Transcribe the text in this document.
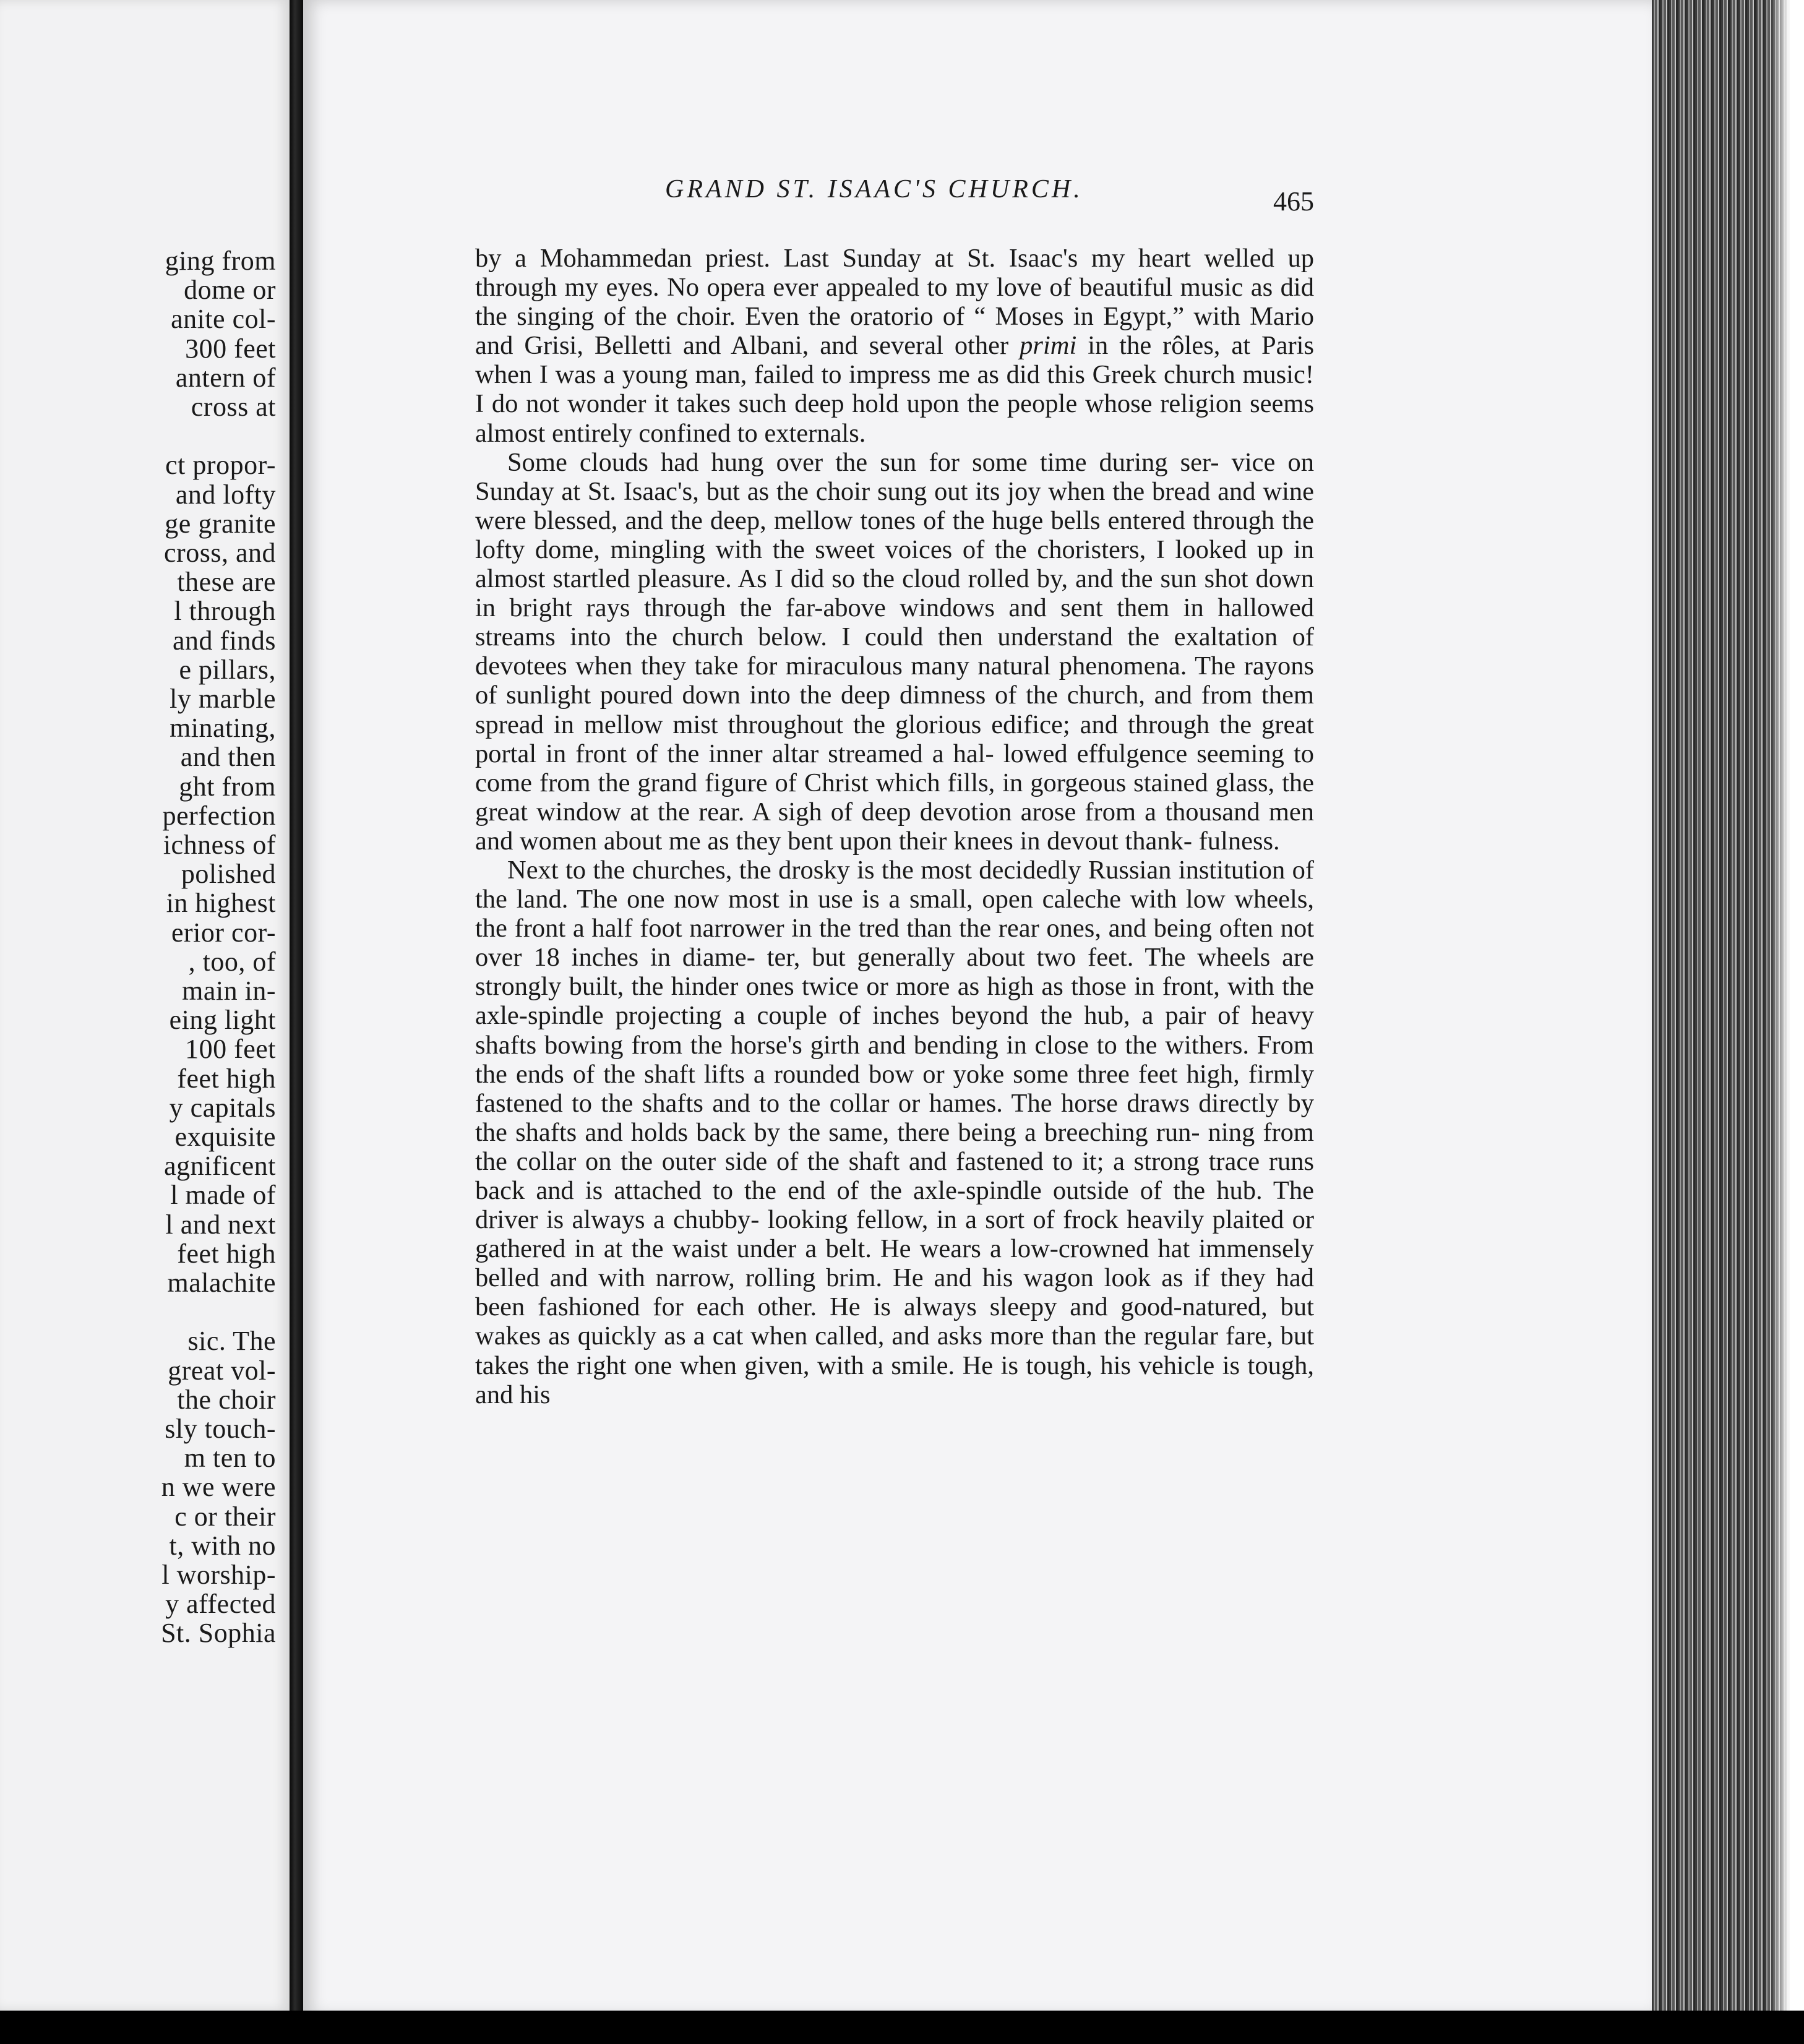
ging from
dome or
anite col-
300 feet
antern of
cross at
ct propor-
and lofty
ge granite
cross, and
these are
l through
and finds
e pillars,
ly marble
minating,
and then
ght from
perfection
ichness of
polished
in highest
erior cor-
, too, of
main in-
eing light
100 feet
feet high
y capitals
exquisite
agnificent
l made of
l and next
feet high
malachite
sic. The
great vol-
the choir
sly touch-
m ten to
n we were
c or their
t, with no
l worship-
y affected
St. Sophia
GRAND ST. ISAAC'S CHURCH.	465

by a Mohammedan priest. Last Sunday at St. Isaac's my heart welled up through my eyes. No opera ever appealed to my love of beautiful music as did the singing of the choir. Even the oratorio of “ Moses in Egypt,” with Mario and Grisi, Belletti and Albani, and several other primi in the rôles, at Paris when I was a young man, failed to impress me as did this Greek church music! I do not wonder it takes such deep hold upon the people whose religion seems almost entirely confined to externals.

Some clouds had hung over the sun for some time during ser- vice on Sunday at St. Isaac's, but as the choir sung out its joy when the bread and wine were blessed, and the deep, mellow tones of the huge bells entered through the lofty dome, mingling with the sweet voices of the choristers, I looked up in almost startled pleasure. As I did so the cloud rolled by, and the sun shot down in bright rays through the far-above windows and sent them in hallowed streams into the church below. I could then understand the exaltation of devotees when they take for miraculous many natural phenomena. The rayons of sunlight poured down into the deep dimness of the church, and from them spread in mellow mist throughout the glorious edifice; and through the great portal in front of the inner altar streamed a hal- lowed effulgence seeming to come from the grand figure of Christ which fills, in gorgeous stained glass, the great window at the rear. A sigh of deep devotion arose from a thousand men and women about me as they bent upon their knees in devout thank- fulness.

Next to the churches, the drosky is the most decidedly Russian institution of the land. The one now most in use is a small, open caleche with low wheels, the front a half foot narrower in the tred than the rear ones, and being often not over 18 inches in diame- ter, but generally about two feet. The wheels are strongly built, the hinder ones twice or more as high as those in front, with the axle-spindle projecting a couple of inches beyond the hub, a pair of heavy shafts bowing from the horse's girth and bending in close to the withers. From the ends of the shaft lifts a rounded bow or yoke some three feet high, firmly fastened to the shafts and to the collar or hames. The horse draws directly by the shafts and holds back by the same, there being a breeching run- ning from the collar on the outer side of the shaft and fastened to it; a strong trace runs back and is attached to the end of the axle-spindle outside of the hub. The driver is always a chubby- looking fellow, in a sort of frock heavily plaited or gathered in at the waist under a belt. He wears a low-crowned hat immensely belled and with narrow, rolling brim. He and his wagon look as if they had been fashioned for each other. He is always sleepy and good-natured, but wakes as quickly as a cat when called, and asks more than the regular fare, but takes the right one when given, with a smile. He is tough, his vehicle is tough, and his
